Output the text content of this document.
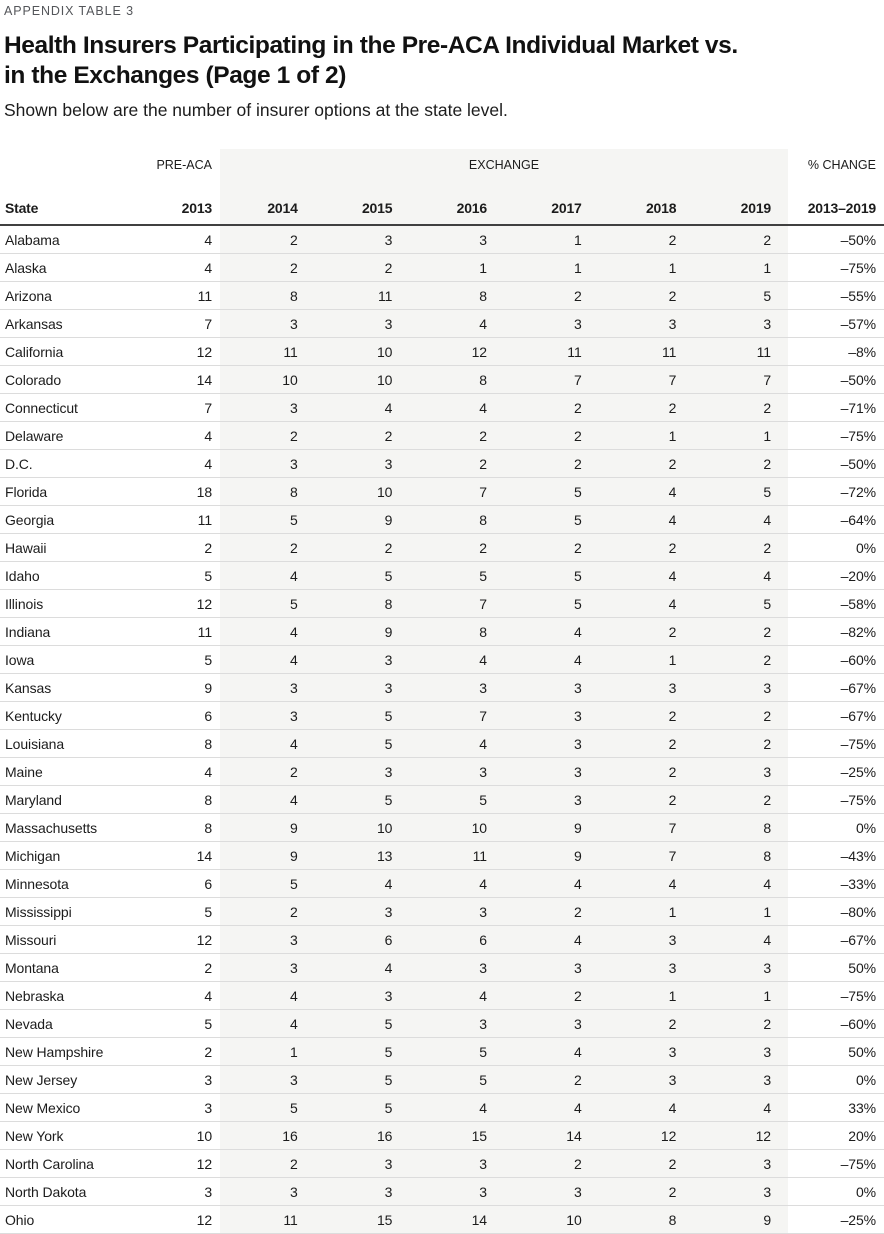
APPENDIX TABLE 3
Health Insurers Participating in the Pre-ACA Individual Market vs.
in the Exchanges (Page 1 of 2)

Shown below are the number of insurer options at the state level.

PRE-ACA		EXCHANGE						% CHANGE
State	2013	2014	2015	2016	2017	2018	2019	2013–2019
Alabama	4	2	3	3	1	2	2	–50%
Alaska	4	2	2	1	1	1	1	–75%
Arizona	11	8	11	8	2	2	5	–55%
Arkansas	7	3	3	4	3	3	3	–57%
California	12	11	10	12	11	11	11	–8%
Colorado	14	10	10	8	7	7	7	–50%
Connecticut	7	3	4	4	2	2	2	–71%
Delaware	4	2	2	2	2	1	1	–75%
D.C.	4	3	3	2	2	2	2	–50%
Florida	18	8	10	7	5	4	5	–72%
Georgia	11	5	9	8	5	4	4	–64%
Hawaii	2	2	2	2	2	2	2	0%
Idaho	5	4	5	5	5	4	4	–20%
Illinois	12	5	8	7	5	4	5	–58%
Indiana	11	4	9	8	4	2	2	–82%
Iowa	5	4	3	4	4	1	2	–60%
Kansas	9	3	3	3	3	3	3	–67%
Kentucky	6	3	5	7	3	2	2	–67%
Louisiana	8	4	5	4	3	2	2	–75%
Maine	4	2	3	3	3	2	3	–25%
Maryland	8	4	5	5	3	2	2	–75%
Massachusetts	8	9	10	10	9	7	8	0%
Michigan	14	9	13	11	9	7	8	–43%
Minnesota	6	5	4	4	4	4	4	–33%
Mississippi	5	2	3	3	2	1	1	–80%
Missouri	12	3	6	6	4	3	4	–67%
Montana	2	3	4	3	3	3	3	50%
Nebraska	4	4	3	4	2	1	1	–75%
Nevada	5	4	5	3	3	2	2	–60%
New Hampshire	2	1	5	5	4	3	3	50%
New Jersey	3	3	5	5	2	3	3	0%
New Mexico	3	5	5	4	4	4	4	33%
New York	10	16	16	15	14	12	12	20%
North Carolina	12	2	3	3	2	2	3	–75%
North Dakota	3	3	3	3	3	2	3	0%
Ohio	12	11	15	14	10	8	9	–25%
